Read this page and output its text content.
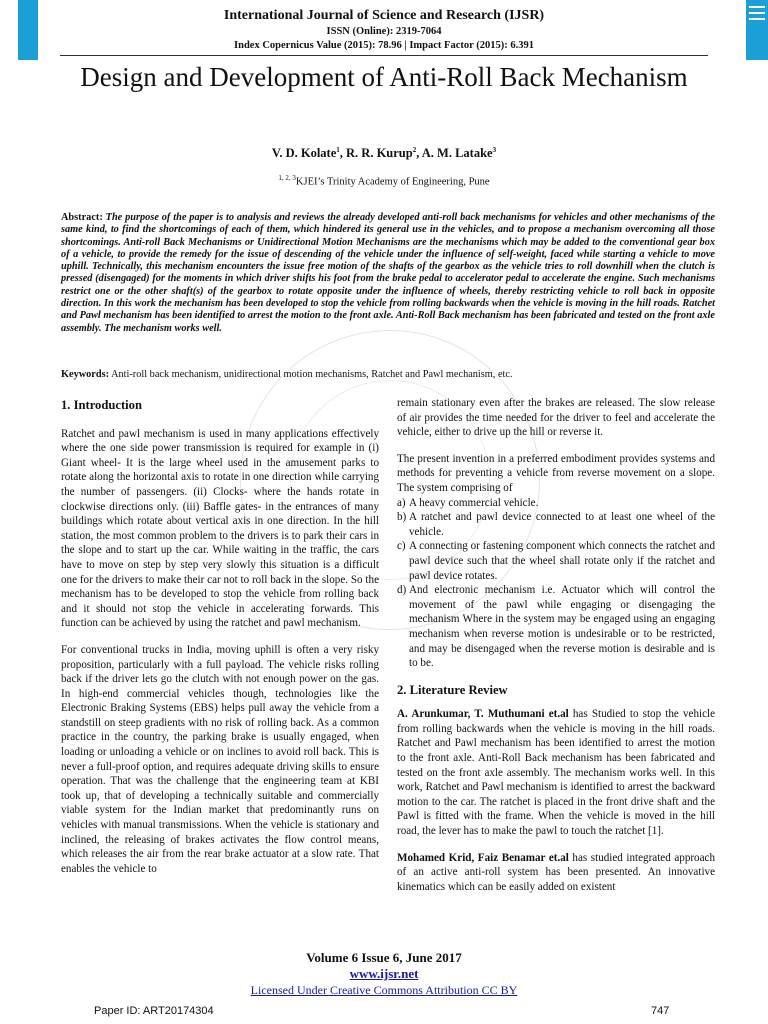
International Journal of Science and Research (IJSR)
ISSN (Online): 2319-7064
Index Copernicus Value (2015): 78.96 | Impact Factor (2015): 6.391
Design and Development of Anti-Roll Back Mechanism
V. D. Kolate$^1$, R. R. Kurup$^2$, A. M. Latake$^3$
$^{1, 2, 3}$KJEI’s Trinity Academy of Engineering, Pune
Abstract: The purpose of the paper is to analysis and reviews the already developed anti-roll back mechanisms for vehicles and other mechanisms of the same kind, to find the shortcomings of each of them, which hindered its general use in the vehicles, and to propose a mechanism overcoming all those shortcomings. Anti-roll Back Mechanisms or Unidirectional Motion Mechanisms are the mechanisms which may be added to the conventional gear box of a vehicle, to provide the remedy for the issue of descending of the vehicle under the influence of self-weight, faced while starting a vehicle to move uphill. Technically, this mechanism encounters the issue free motion of the shafts of the gearbox as the vehicle tries to roll downhill when the clutch is pressed (disengaged) for the moments in which driver shifts his foot from the brake pedal to accelerator pedal to accelerate the engine. Such mechanisms restrict one or the other shaft(s) of the gearbox to rotate opposite under the influence of wheels, thereby restricting vehicle to roll back in opposite direction. In this work the mechanism has been developed to stop the vehicle from rolling backwards when the vehicle is moving in the hill roads. Ratchet and Pawl mechanism has been identified to arrest the motion to the front axle. Anti-Roll Back mechanism has been fabricated and tested on the front axle assembly. The mechanism works well.
Keywords: Anti-roll back mechanism, unidirectional motion mechanisms, Ratchet and Pawl mechanism, etc.
1. Introduction

Ratchet and pawl mechanism is used in many applications effectively where the one side power transmission is required for example in (i) Giant wheel- It is the large wheel used in the amusement parks to rotate along the horizontal axis to rotate in one direction while carrying the number of passengers. (ii) Clocks- where the hands rotate in clockwise directions only. (iii) Baffle gates- in the entrances of many buildings which rotate about vertical axis in one direction. In the hill station, the most common problem to the drivers is to park their cars in the slope and to start up the car. While waiting in the traffic, the cars have to move on step by step very slowly this situation is a difficult one for the drivers to make their car not to roll back in the slope. So the mechanism has to be developed to stop the vehicle from rolling back and it should not stop the vehicle in accelerating forwards. This function can be achieved by using the ratchet and pawl mechanism.

For conventional trucks in India, moving uphill is often a very risky proposition, particularly with a full payload. The vehicle risks rolling back if the driver lets go the clutch with not enough power on the gas. In high-end commercial vehicles though, technologies like the Electronic Braking Systems (EBS) helps pull away the vehicle from a standstill on steep gradients with no risk of rolling back. As a common practice in the country, the parking brake is usually engaged, when loading or unloading a vehicle or on inclines to avoid roll back. This is never a full-proof option, and requires adequate driving skills to ensure operation. That was the challenge that the engineering team at KBI took up, that of developing a technically suitable and commercially viable system for the Indian market that predominantly runs on vehicles with manual transmissions. When the vehicle is stationary and inclined, the releasing of brakes activates the flow control means, which releases the air from the rear brake actuator at a slow rate. That enables the vehicle to

remain stationary even after the brakes are released. The slow release of air provides the time needed for the driver to feel and accelerate the vehicle, either to drive up the hill or reverse it.

The present invention in a preferred embodiment provides systems and methods for preventing a vehicle from reverse movement on a slope. The system comprising of

a) A heavy commercial vehicle.
b) A ratchet and pawl device connected to at least one wheel of the vehicle.
c) A connecting or fastening component which connects the ratchet and pawl device such that the wheel shall rotate only if the ratchet and pawl device rotates.
d) And electronic mechanism i.e. Actuator which will control the movement of the pawl while engaging or disengaging the mechanism Where in the system may be engaged using an engaging mechanism when reverse motion is undesirable or to be restricted, and may be disengaged when the reverse motion is desirable and is to be.
2. Literature Review

A. Arunkumar, T. Muthumani et.al has Studied to stop the vehicle from rolling backwards when the vehicle is moving in the hill roads. Ratchet and Pawl mechanism has been identified to arrest the motion to the front axle. Anti-Roll Back mechanism has been fabricated and tested on the front axle assembly. The mechanism works well. In this work, Ratchet and Pawl mechanism is identified to arrest the backward motion to the car. The ratchet is placed in the front drive shaft and the Pawl is fitted with the frame. When the vehicle is moved in the hill road, the lever has to make the pawl to touch the ratchet [1].

Mohamed Krid, Faiz Benamar et.al has studied integrated approach of an active anti-roll system has been presented. An innovative kinematics which can be easily added on existent

Volume 6 Issue 6, June 2017
www.ijsr.net
Licensed Under Creative Commons Attribution CC BY
Paper ID: ART20174304	747
